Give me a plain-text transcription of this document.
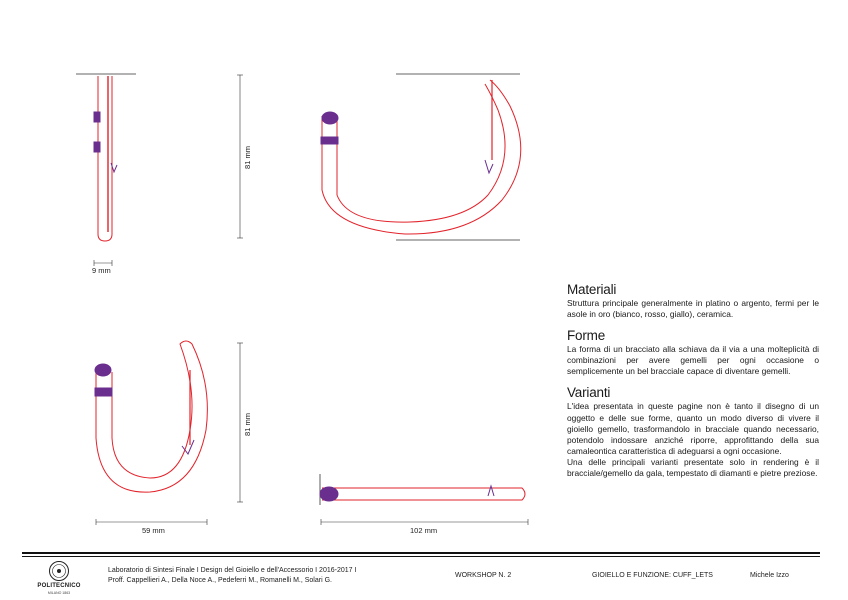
9 mm
81 mm
81 mm
59 mm	102 mm
Materiali

Struttura principale generalmente in platino o argento, fermi per le asole in oro (bianco, rosso, giallo), ceramica.

Forme

La forma di un bracciato alla schiava da il via a una molteplicità di combinazioni per avere gemelli per ogni occasione o semplicemente un bel bracciale capace di diventare gemelli.

Varianti

L'idea presentata in queste pagine non è tanto il disegno di un oggetto e delle sue forme, quanto un modo diverso di vivere il gioiello gemello, trasformandolo in bracciale quando necessario, potendolo indossare anziché riporre, approfittando della sua camaleontica caratteristica di adeguarsi a ogni occasione.

Una delle principali varianti presentate solo in rendering è il bracciale/gemello da gala, tempestato di diamanti e pietre preziose.

POLITECNICO
MILANO 1863
Laboratorio di Sintesi Finale I Design del Gioiello e dell'Accessorio I 2016-2017 I
Proff. Cappellieri A., Della Noce A., Pedeferri M., Romanelli M., Solari G.
WORKSHOP N. 2	GIOIELLO E FUNZIONE: CUFF_LETS	Michele Izzo
